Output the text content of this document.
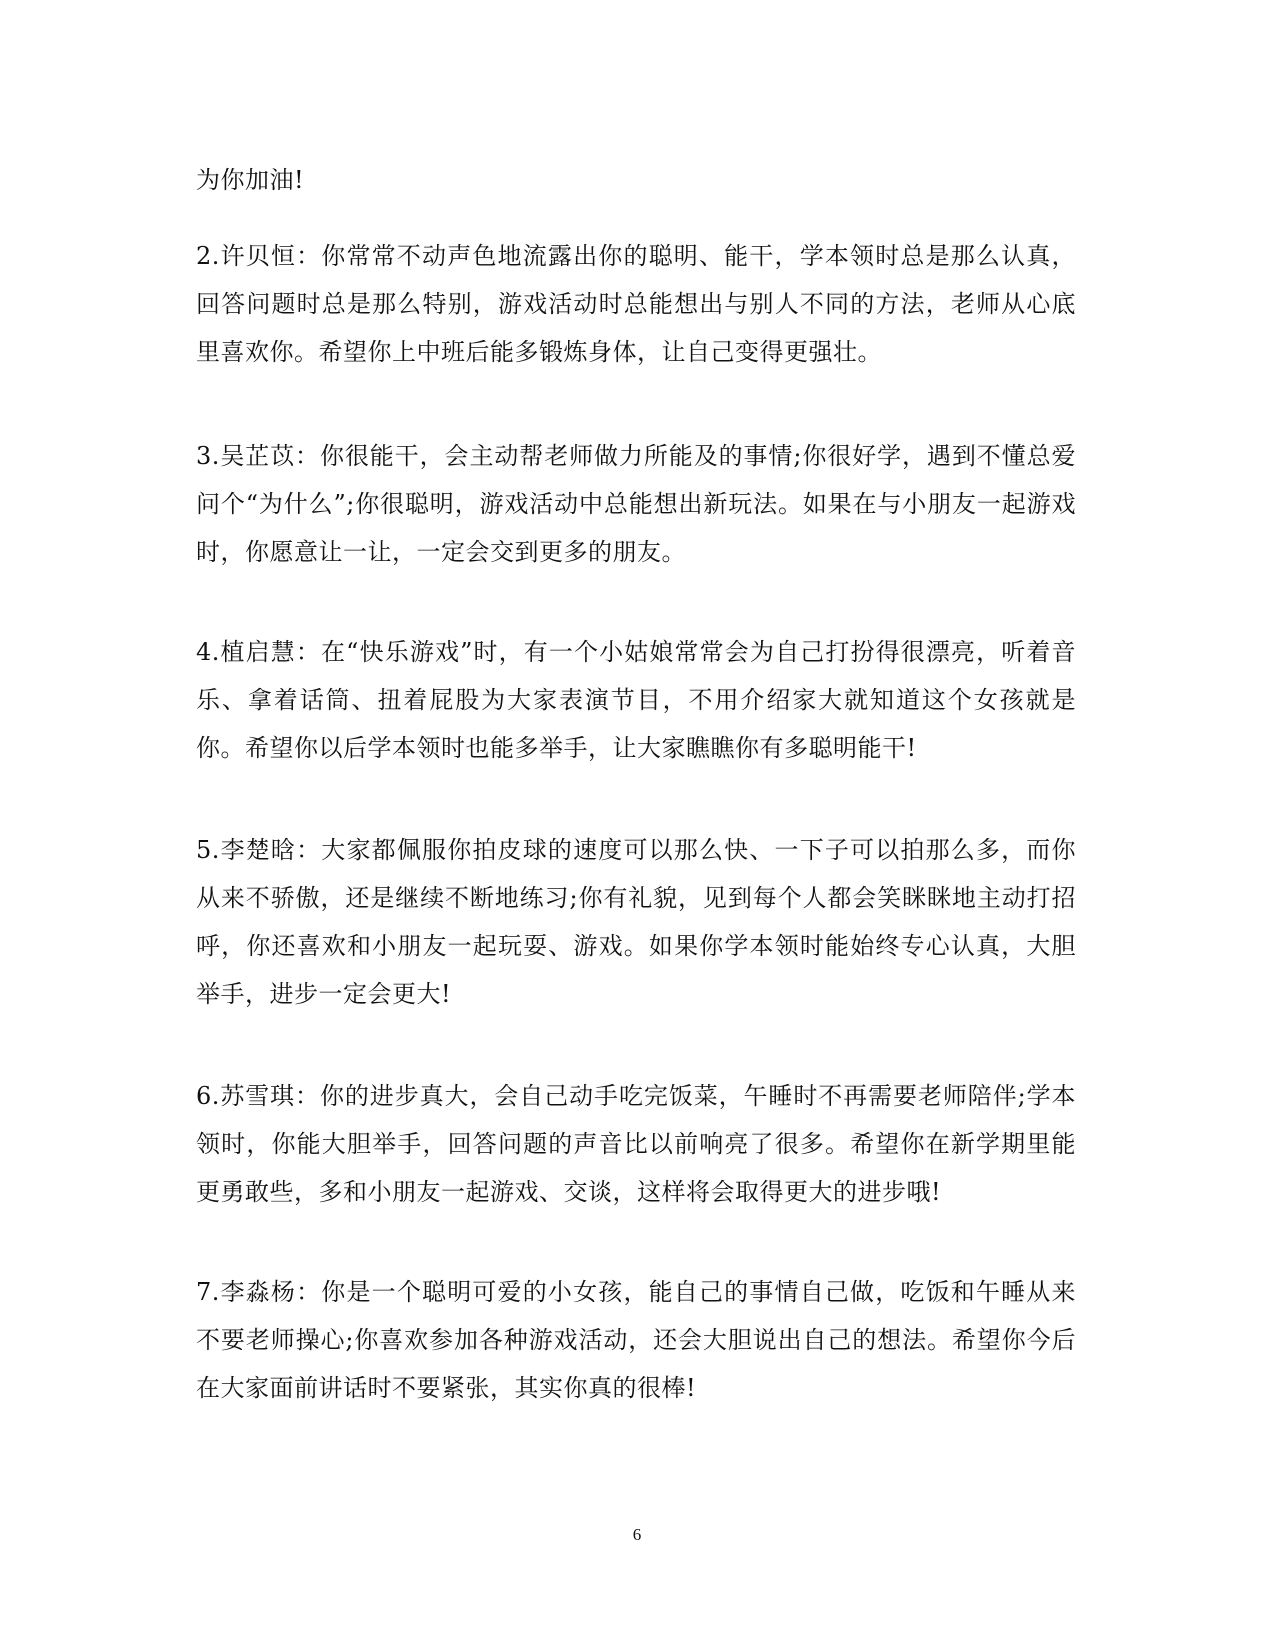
为你加油!

2.许贝恒：你常常不动声色地流露出你的聪明、能干，学本领时总是那么认真，回答问题时总是那么特别，游戏活动时总能想出与别人不同的方法，老师从心底里喜欢你。希望你上中班后能多锻炼身体，让自己变得更强壮。

3.吴芷苡：你很能干，会主动帮老师做力所能及的事情;你很好学，遇到不懂总爱问个“为什么”;你很聪明，游戏活动中总能想出新玩法。如果在与小朋友一起游戏时，你愿意让一让，一定会交到更多的朋友。

4.植启慧：在“快乐游戏”时，有一个小姑娘常常会为自己打扮得很漂亮，听着音乐、拿着话筒、扭着屁股为大家表演节目，不用介绍家大就知道这个女孩就是你。希望你以后学本领时也能多举手，让大家瞧瞧你有多聪明能干!

5.李楚晗：大家都佩服你拍皮球的速度可以那么快、一下子可以拍那么多，而你从来不骄傲，还是继续不断地练习;你有礼貌，见到每个人都会笑眯眯地主动打招呼，你还喜欢和小朋友一起玩耍、游戏。如果你学本领时能始终专心认真，大胆举手，进步一定会更大!

6.苏雪琪：你的进步真大，会自己动手吃完饭菜，午睡时不再需要老师陪伴;学本领时，你能大胆举手，回答问题的声音比以前响亮了很多。希望你在新学期里能更勇敢些，多和小朋友一起游戏、交谈，这样将会取得更大的进步哦!

7.李淼杨：你是一个聪明可爱的小女孩，能自己的事情自己做，吃饭和午睡从来不要老师操心;你喜欢参加各种游戏活动，还会大胆说出自己的想法。希望你今后在大家面前讲话时不要紧张，其实你真的很棒!

6
